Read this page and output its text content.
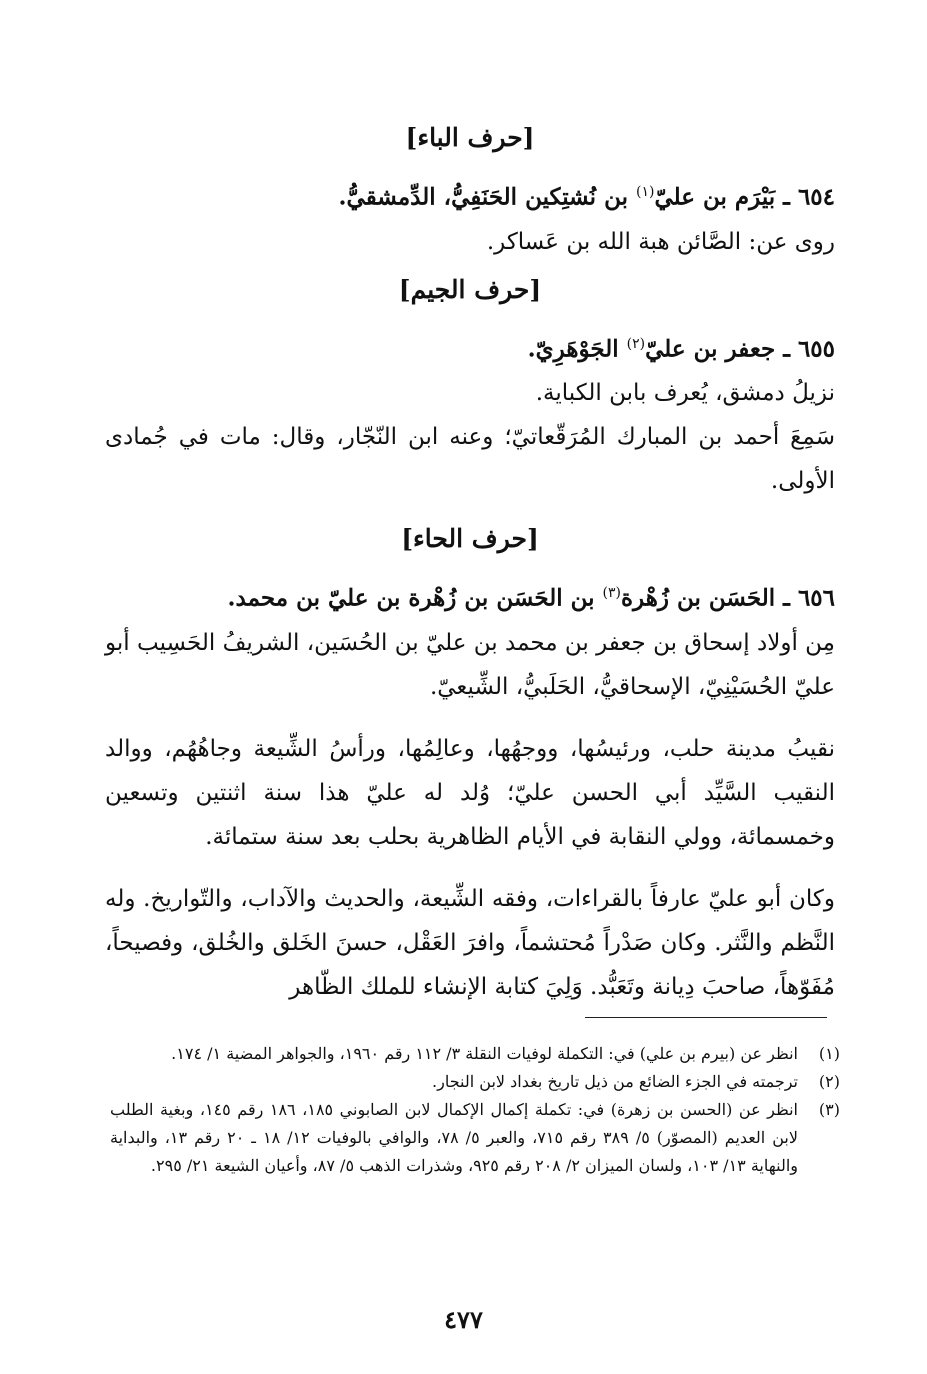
[حرف الباء]

٦٥٤ ـ بَيْرَم بن عليّ$^{(١)}$ بن نُشتِكين الحَنَفِيُّ، الدِّمشقيُّ.

روى عن: الصَّائن هبة الله بن عَساكر.

[حرف الجيم]

٦٥٥ ـ جعفر بن عليّ$^{(٢)}$ الجَوْهَرِيّ.

نزيلُ دمشق، يُعرف بابن الكباية.

سَمِعَ أحمد بن المبارك المُرَقّعاتيّ؛ وعنه ابن النّجّار، وقال: مات في جُمادى الأولى.

[حرف الحاء]

٦٥٦ ـ الحَسَن بن زُهْرة$^{(٣)}$ بن الحَسَن بن زُهْرة بن عليّ بن محمد.

مِن أولاد إسحاق بن جعفر بن محمد بن عليّ بن الحُسَين، الشريفُ الحَسِيب أبو عليّ الحُسَيْنِيّ، الإسحاقيُّ، الحَلَبيُّ، الشِّيعيّ.

نقيبُ مدينة حلب، ورئيسُها، ووجهُها، وعالِمُها، ورأسُ الشِّيعة وجاهُهُم، ووالد النقيب السَّيِّد أبي الحسن عليّ؛ وُلد له عليّ هذا سنة اثنتين وتسعين وخمسمائة، وولي النقابة في الأيام الظاهرية بحلب بعد سنة ستمائة.

وكان أبو عليّ عارفاً بالقراءات، وفقه الشِّيعة، والحديث والآداب، والتّواريخ. وله النَّظم والنَّثر. وكان صَدْراً مُحتشماً، وافرَ العَقْل، حسنَ الخَلق والخُلق، وفصيحاً، مُفَوّهاً، صاحبَ دِيانة وتَعَبُّد. وَلِيَ كتابة الإنشاء للملك الظّاهر

(١)
انظر عن (بيرم بن علي) في: التكملة لوفيات النقلة ٣/ ١١٢ رقم ١٩٦٠، والجواهر المضية ١/ ١٧٤.
(٢)
ترجمته في الجزء الضائع من ذيل تاريخ بغداد لابن النجار.
(٣)
انظر عن (الحسن بن زهرة) في: تكملة إكمال الإكمال لابن الصابوني ١٨٥، ١٨٦ رقم ١٤٥، وبغية الطلب لابن العديم (المصوّر) ٥/ ٣٨٩ رقم ٧١٥، والعبر ٥/ ٧٨، والوافي بالوفيات ١٢/ ١٨ ـ ٢٠ رقم ١٣، والبداية والنهاية ١٣/ ١٠٣، ولسان الميزان ٢/ ٢٠٨ رقم ٩٢٥، وشذرات الذهب ٥/ ٨٧، وأعيان الشيعة ٢١/ ٢٩٥.
٤٧٧
